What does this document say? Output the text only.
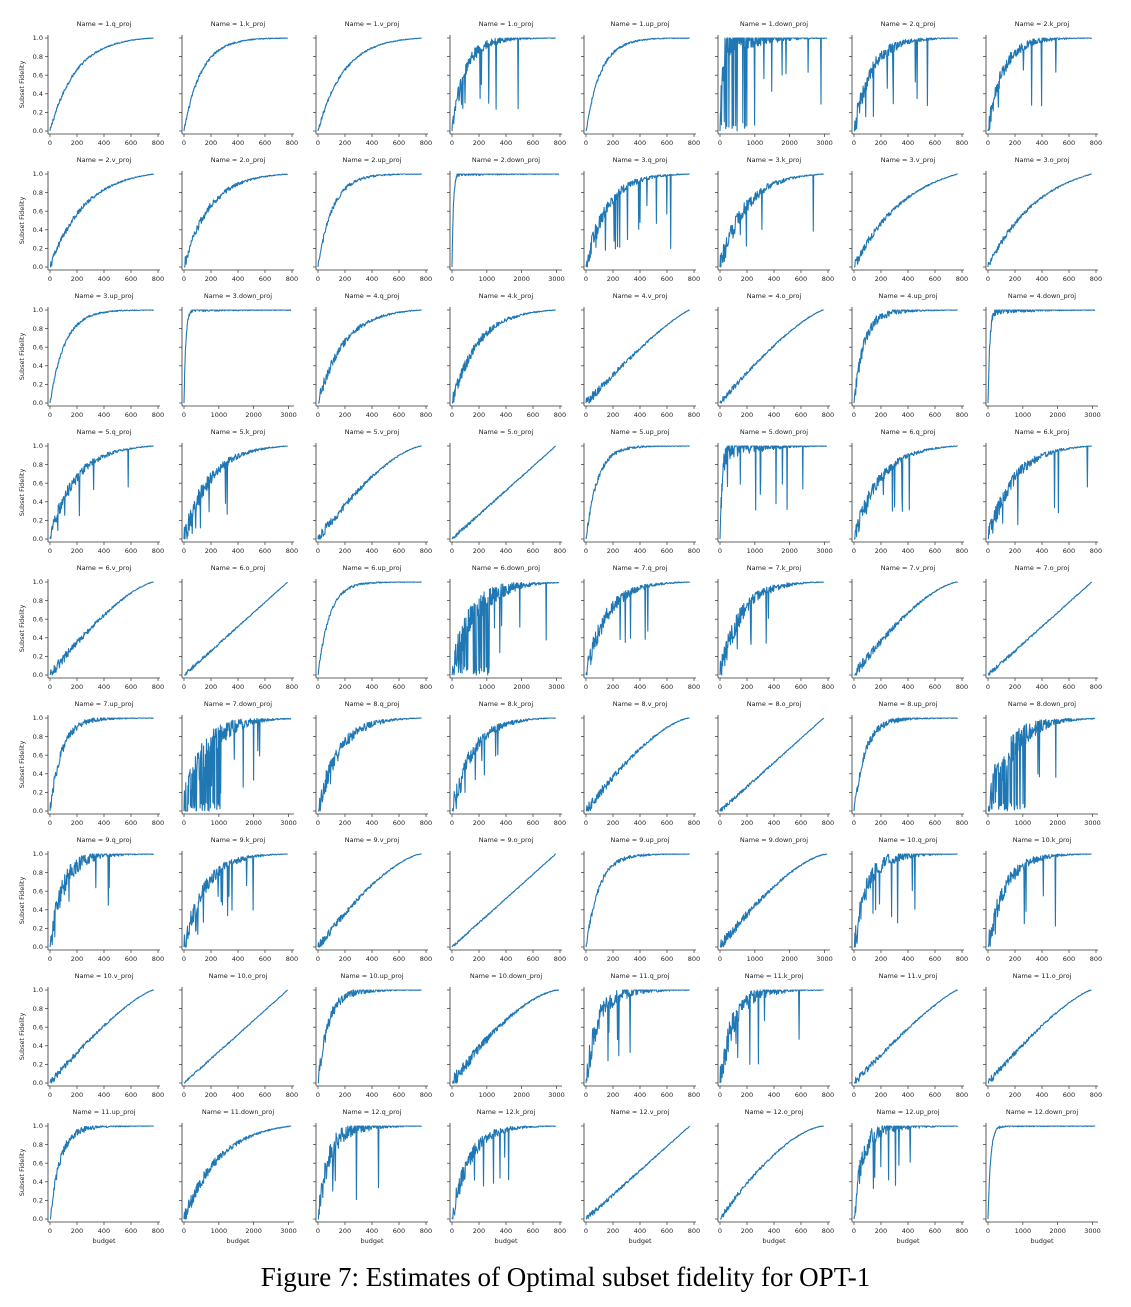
Name = 1.q_proj
0.0
0.2
0.4
0.6
0.8
1.0
0	200 400 600 800
Subset Fidelity
Name = 1.k_proj
0	200 400 600 800
Name = 1.v_proj
0	200 400 600 800
Name = 1.o_proj
0	200 400 600 800
Name = 1.up_proj
0	200 400 600 800
Name = 1.down_proj
0	1000	2000	3000
Name = 2.q_proj
0	200 400 600 800
Name = 2.k_proj
0	200 400 600 800
Name = 2.v_proj
0.0
0.2
0.4
0.6
0.8
1.0
0	200 400 600 800
Subset Fidelity
Name = 2.o_proj
0	200 400 600 800
Name = 2.up_proj
0	200 400 600 800
Name = 2.down_proj
0	1000	2000	3000
Name = 3.q_proj
0	200 400 600 800
Name = 3.k_proj
0	200 400 600 800
Name = 3.v_proj
0	200 400 600 800
Name = 3.o_proj
0	200 400 600 800
Name = 3.up_proj
0.0
0.2
0.4
0.6
0.8
1.0
0	200 400 600 800
Subset Fidelity
Name = 3.down_proj
0	1000	2000	3000
Name = 4.q_proj
0	200 400 600 800
Name = 4.k_proj
0	200 400 600 800
Name = 4.v_proj
0	200 400 600 800
Name = 4.o_proj
0	200 400 600 800
Name = 4.up_proj
0	200 400 600 800
Name = 4.down_proj
0	1000	2000	3000
Name = 5.q_proj
0.0
0.2
0.4
0.6
0.8
1.0
0	200 400 600 800
Subset Fidelity
Name = 5.k_proj
0	200 400 600 800
Name = 5.v_proj
0	200 400 600 800
Name = 5.o_proj
0	200 400 600 800
Name = 5.up_proj
0	200 400 600 800
Name = 5.down_proj
0	1000	2000	3000
Name = 6.q_proj
0	200 400 600 800
Name = 6.k_proj
0	200 400 600 800
Name = 6.v_proj
0.0
0.2
0.4
0.6
0.8
1.0
0	200 400 600 800
Subset Fidelity
Name = 6.o_proj
0	200 400 600 800
Name = 6.up_proj
0	200 400 600 800
Name = 6.down_proj
0	1000	2000	3000
Name = 7.q_proj
0	200 400 600 800
Name = 7.k_proj
0	200 400 600 800
Name = 7.v_proj
0	200 400 600 800
Name = 7.o_proj
0	200 400 600 800
Name = 7.up_proj
0.0
0.2
0.4
0.6
0.8
1.0
0	200 400 600 800
Subset Fidelity
Name = 7.down_proj
0	1000	2000	3000
Name = 8.q_proj
0	200 400 600 800
Name = 8.k_proj
0	200 400 600 800
Name = 8.v_proj
0	200 400 600 800
Name = 8.o_proj
0	200 400 600 800
Name = 8.up_proj
0	200 400 600 800
Name = 8.down_proj
0	1000	2000	3000
Name = 9.q_proj
0.0
0.2
0.4
0.6
0.8
1.0
0	200 400 600 800
Subset Fidelity
Name = 9.k_proj
0	200 400 600 800
Name = 9.v_proj
0	200 400 600 800
Name = 9.o_proj
0	200 400 600 800
Name = 9.up_proj
0	200 400 600 800
Name = 9.down_proj
0	1000	2000	3000
Name = 10.q_proj
0	200 400 600 800
Name = 10.k_proj
0	200 400 600 800
Name = 10.v_proj
0.0
0.2
0.4
0.6
0.8
1.0
0	200 400 600 800
Subset Fidelity
Name = 10.o_proj
0	200 400 600 800
Name = 10.up_proj
0	200 400 600 800
Name = 10.down_proj
0	1000	2000	3000
Name = 11.q_proj
0	200 400 600 800
Name = 11.k_proj
0	200 400 600 800
Name = 11.v_proj
0	200 400 600 800
Name = 11.o_proj
0	200 400 600 800
Name = 11.up_proj
0.0
0.2
0.4
0.6
0.8
1.0
0	200 400 600 800
Subset Fidelity
budget
Name = 11.down_proj
0	1000	2000	3000
budget
Name = 12.q_proj
0	200 400 600 800
budget
Name = 12.k_proj
0	200 400 600 800
budget
Name = 12.v_proj
0	200 400 600 800
budget
Name = 12.o_proj
0	200 400 600 800
budget
Name = 12.up_proj
0	200 400 600 800
budget
Name = 12.down_proj
0	1000	2000	3000
budget
Figure 7: Estimates of Optimal subset fidelity for OPT-1
